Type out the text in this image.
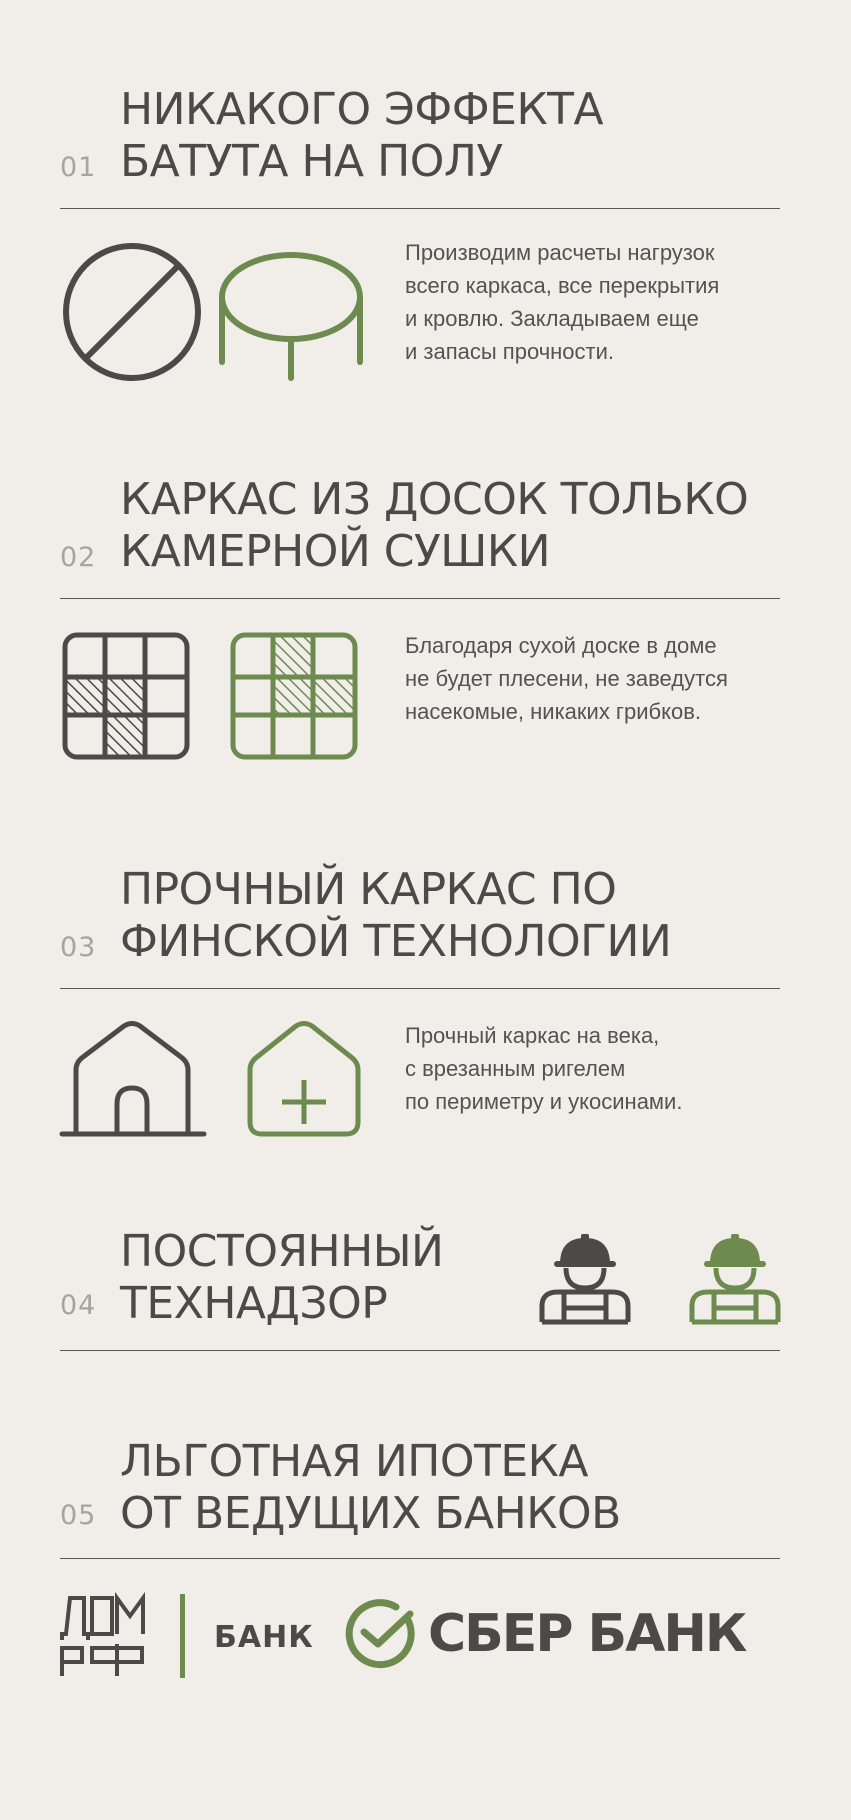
01
НИКАКОГО ЭФФЕКТА
БАТУТА НА ПОЛУ
Производим расчеты нагрузок
всего каркаса, все перекрытия
и кровлю. Закладываем еще
и запасы прочности.
02
КАРКАС ИЗ ДОСОК ТОЛЬКО
КАМЕРНОЙ СУШКИ
Благодаря сухой доске в доме
не будет плесени, не заведутся
насекомые, никаких грибков.
03
ПРОЧНЫЙ КАРКАС ПО
ФИНСКОЙ ТЕХНОЛОГИИ
Прочный каркас на века,
с врезанным ригелем
по периметру и укосинами.
04
ПОСТОЯННЫЙ
ТЕХНАДЗОР
05
ЛЬГОТНАЯ ИПОТЕКА
ОТ ВЕДУЩИХ БАНКОВ
БАНК СБЕР БАНК
